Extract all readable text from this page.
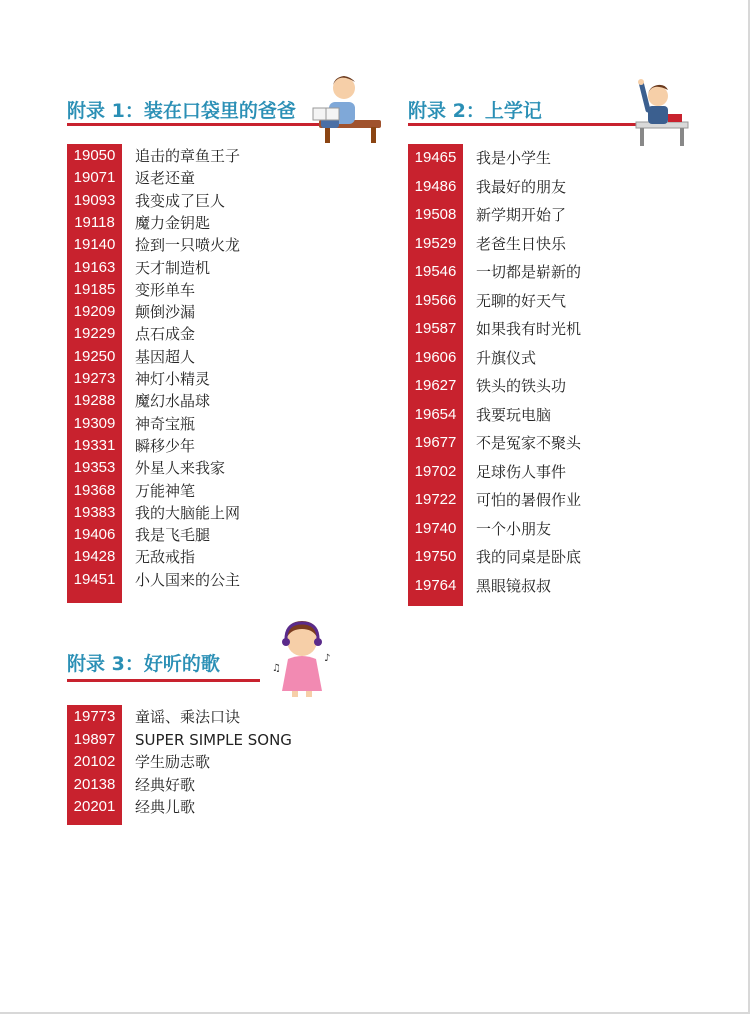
附录 1：装在口袋里的爸爸
19050	追击的章鱼王子
19071	返老还童
19093	我变成了巨人
19118	魔力金钥匙
19140	捡到一只喷火龙
19163	天才制造机
19185	变形单车
19209	颠倒沙漏
19229	点石成金
19250	基因超人
19273	神灯小精灵
19288	魔幻水晶球
19309	神奇宝瓶
19331	瞬移少年
19353	外星人来我家
19368	万能神笔
19383	我的大脑能上网
19406	我是飞毛腿
19428	无敌戒指
19451	小人国来的公主
附录 2：上学记
19465	我是小学生
19486	我最好的朋友
19508	新学期开始了
19529	老爸生日快乐
19546	一切都是崭新的
19566	无聊的好天气
19587	如果我有时光机
19606	升旗仪式
19627	铁头的铁头功
19654	我要玩电脑
19677	不是冤家不聚头
19702	足球伤人事件
19722	可怕的暑假作业
19740	一个小朋友
19750	我的同桌是卧底
19764	黑眼镜叔叔
附录 3：好听的歌
19773	童谣、乘法口诀
19897	SUPER SIMPLE SONG
20102	学生励志歌
20138	经典好歌
20201	经典儿歌
♫
♪
